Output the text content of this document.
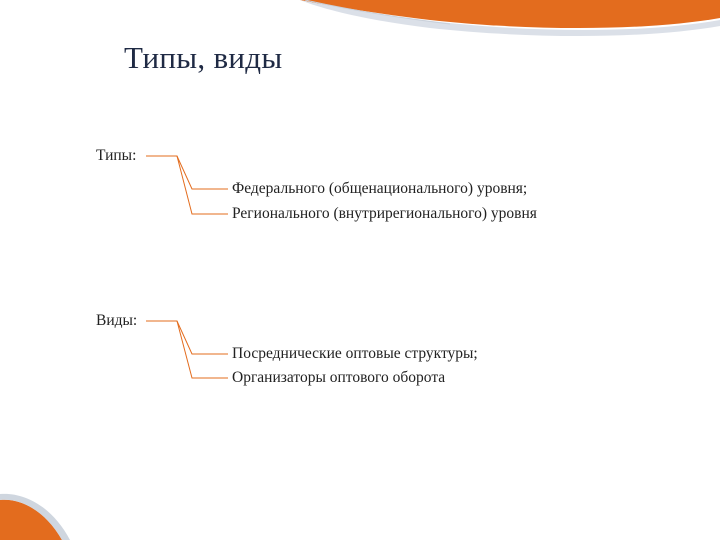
Типы, виды
Типы:
Федерального (общенационального) уровня;
Регионального (внутрирегионального) уровня
Виды:
Посреднические оптовые структуры;
Организаторы оптового оборота
